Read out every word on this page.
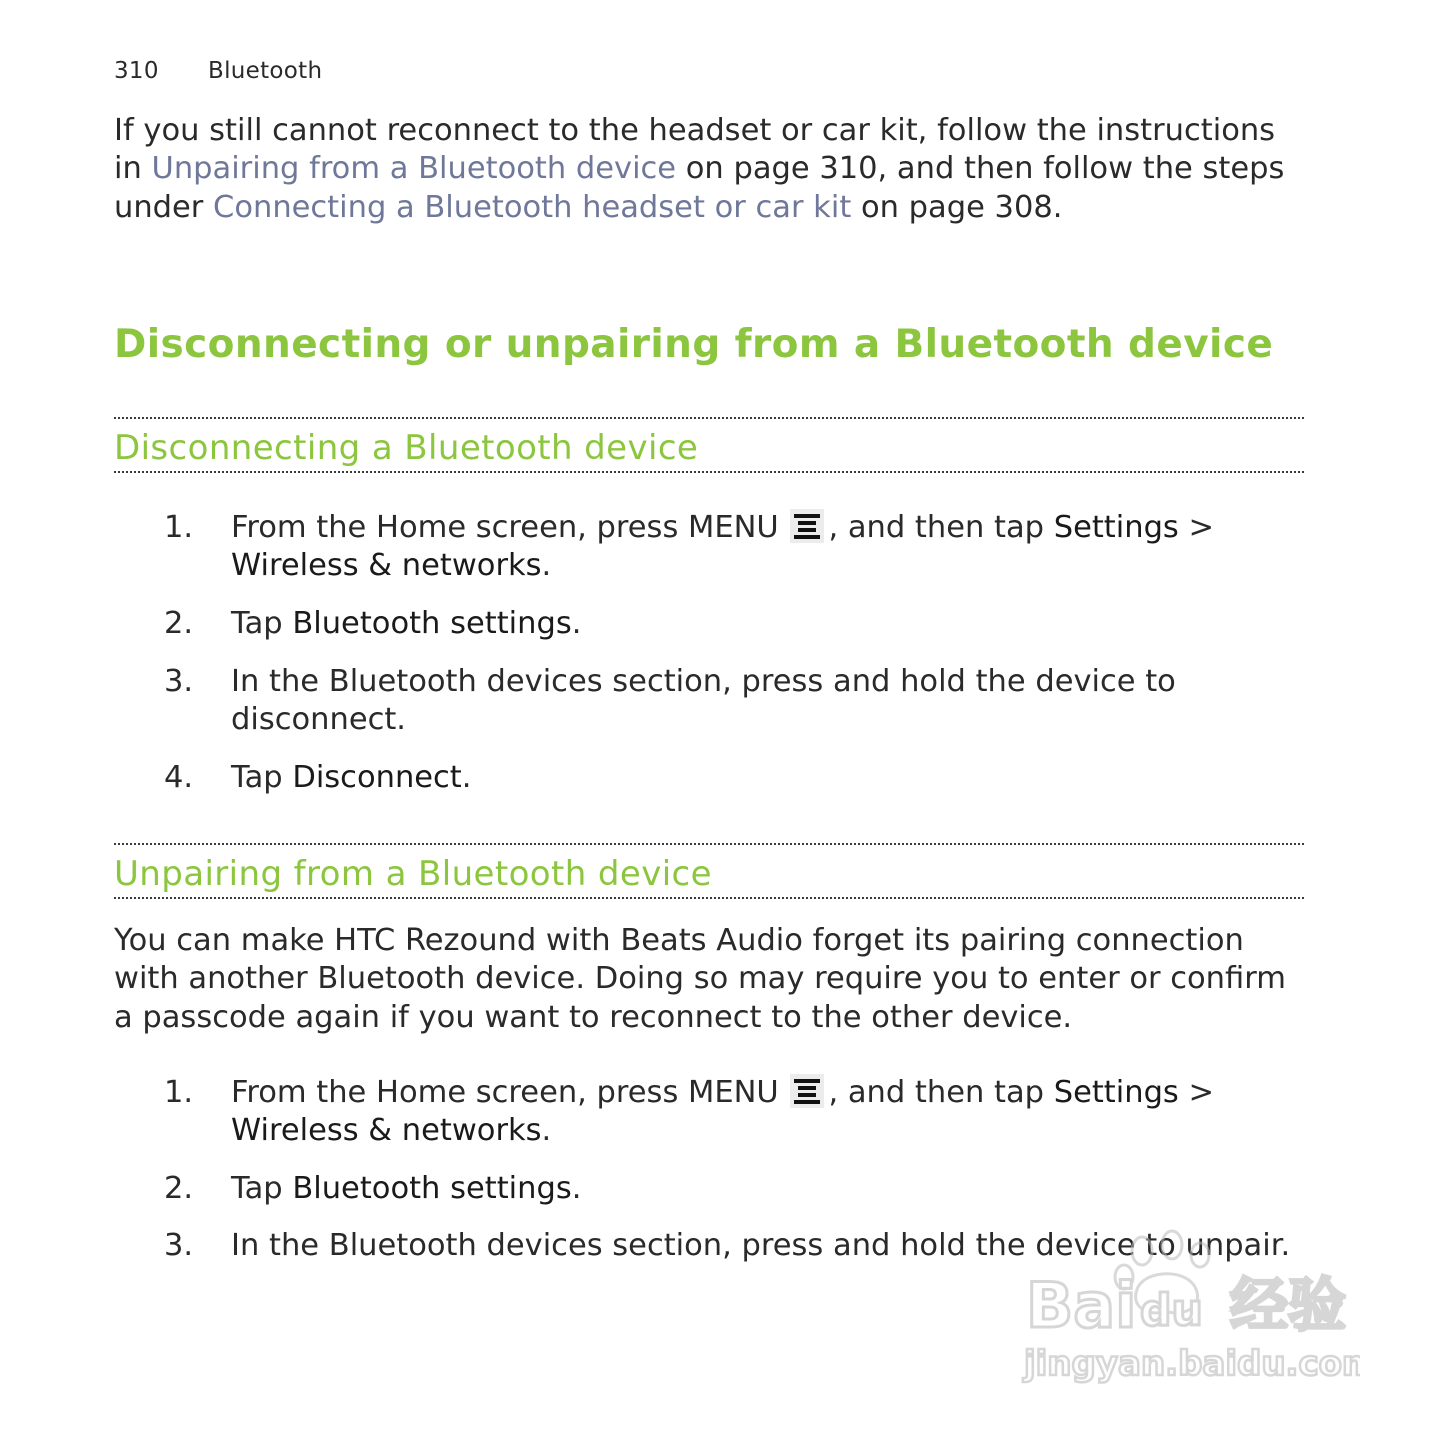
310 Bluetooth
If you still cannot reconnect to the headset or car kit, follow the instructions in Unpairing from a Bluetooth device on page 310, and then follow the steps under Connecting a Bluetooth headset or car kit on page 308.
Disconnecting or unpairing from a Bluetooth device
Disconnecting a Bluetooth device
1. From the Home screen, press MENU
, and then tap Settings > Wireless & networks.
2. Tap Bluetooth settings.
3. In the Bluetooth devices section, press and hold the device to disconnect.
4. Tap Disconnect.
Unpairing from a Bluetooth device
You can make HTC Rezound with Beats Audio forget its pairing connection with another Bluetooth device. Doing so may require you to enter or confirm a passcode again if you want to reconnect to the other device.
1. From the Home screen, press MENU
, and then tap Settings > Wireless & networks.
2. Tap Bluetooth settings.
3. In the Bluetooth devices section, press and hold the device to unpair.
Bai du 经验
jingyan.baidu.com
